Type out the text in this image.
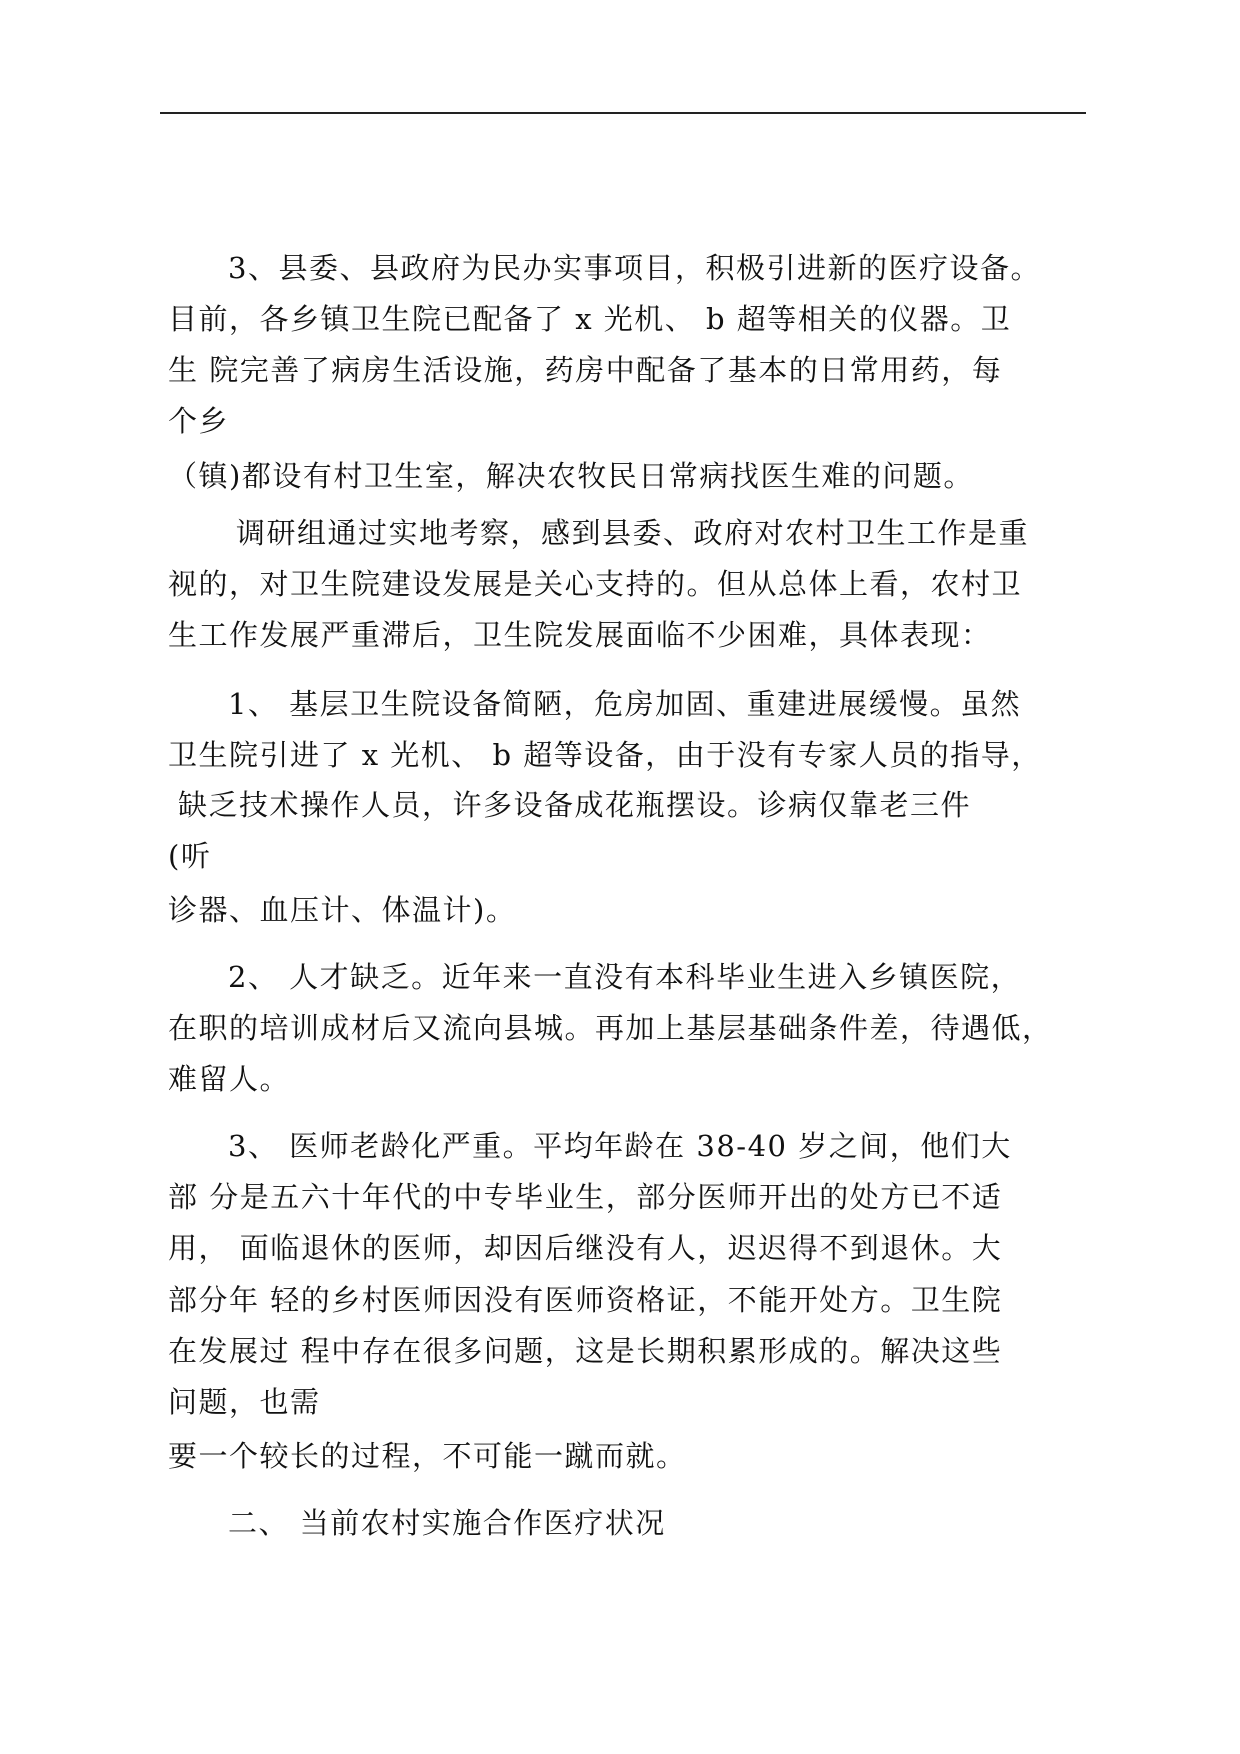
3、县委、县政府为民办实事项目，积极引进新的医疗设备。
目前，各乡镇卫生院已配备了 x 光机、 b 超等相关的仪器。卫
生 院完善了病房生活设施，药房中配备了基本的日常用药，每
个乡
（镇)都设有村卫生室，解决农牧民日常病找医生难的问题。
调研组通过实地考察，感到县委、政府对农村卫生工作是重
视的，对卫生院建设发展是关心支持的。但从总体上看，农村卫
生工作发展严重滞后，卫生院发展面临不少困难，具体表现：
1、 基层卫生院设备简陋，危房加固、重建进展缓慢。虽然
卫生院引进了 x 光机、 b 超等设备，由于没有专家人员的指导，
缺乏技术操作人员，许多设备成花瓶摆设。诊病仅靠老三件
(听
诊器、血压计、体温计)。
2、 人才缺乏。近年来一直没有本科毕业生进入乡镇医院，
在职的培训成材后又流向县城。再加上基层基础条件差，待遇低，
难留人。
3、 医师老龄化严重。平均年龄在 38-40 岁之间，他们大
部 分是五六十年代的中专毕业生，部分医师开出的处方已不适
用， 面临退休的医师，却因后继没有人，迟迟得不到退休。大
部分年 轻的乡村医师因没有医师资格证，不能开处方。卫生院
在发展过 程中存在很多问题，这是长期积累形成的。解决这些
问题，也需
要一个较长的过程，不可能一蹴而就。
二、 当前农村实施合作医疗状况
